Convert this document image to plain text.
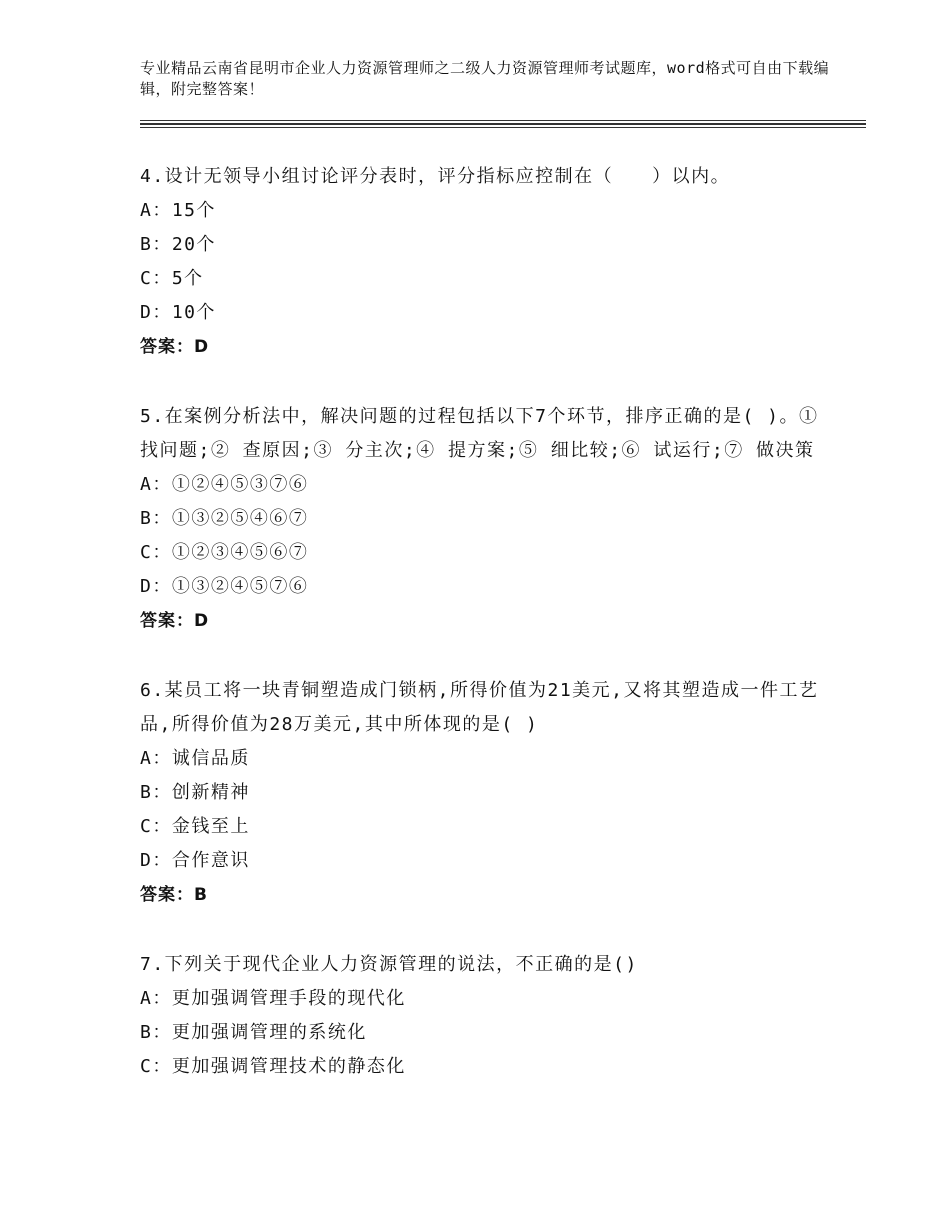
专业精品云南省昆明市企业人力资源管理师之二级人力资源管理师考试题库，word格式可自由下载编辑，附完整答案！
4.设计无领导小组讨论评分表时，评分指标应控制在（　　）以内。
A：15个
B：20个
C：5个
D：10个
答案：D
5.在案例分析法中，解决问题的过程包括以下7个环节，排序正确的是( )。①找问题;② 查原因;③ 分主次;④ 提方案;⑤ 细比较;⑥ 试运行;⑦ 做决策
A：①②④⑤③⑦⑥
B：①③②⑤④⑥⑦
C：①②③④⑤⑥⑦
D：①③②④⑤⑦⑥
答案：D
6.某员工将一块青铜塑造成门锁柄,所得价值为21美元,又将其塑造成一件工艺品,所得价值为28万美元,其中所体现的是( )
A：诚信品质
B：创新精神
C：金钱至上
D：合作意识
答案：B
7.下列关于现代企业人力资源管理的说法，不正确的是()
A：更加强调管理手段的现代化
B：更加强调管理的系统化
C：更加强调管理技术的静态化
